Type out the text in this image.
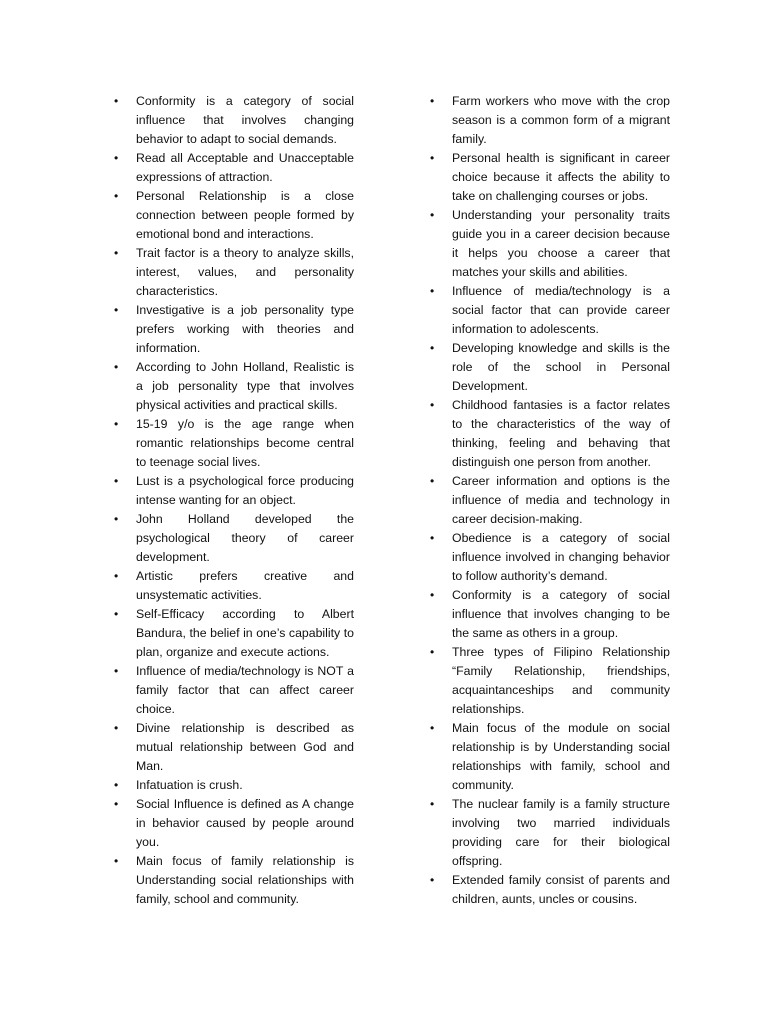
• Conformity is a category of social influence that involves changing behavior to adapt to social demands.
• Read all Acceptable and Unacceptable expressions of attraction.
• Personal Relationship is a close connection between people formed by emotional bond and interactions.
• Trait factor is a theory to analyze skills, interest, values, and personality characteristics.
• Investigative is a job personality type prefers working with theories and information.
• According to John Holland, Realistic is a job personality type that involves physical activities and practical skills.
• 15-19 y/o is the age range when romantic relationships become central to teenage social lives.
• Lust is a psychological force producing intense wanting for an object.
• John Holland developed the psychological theory of career development.
• Artistic prefers creative and unsystematic activities.
• Self-Efficacy according to Albert Bandura, the belief in one’s capability to plan, organize and execute actions.
• Influence of media/technology is NOT a family factor that can affect career choice.
• Divine relationship is described as mutual relationship between God and Man.
• Infatuation is crush.
• Social Influence is defined as A change in behavior caused by people around you.
• Main focus of family relationship is Understanding social relationships with family, school and community.
• Farm workers who move with the crop season is a common form of a migrant family.
• Personal health is significant in career choice because it affects the ability to take on challenging courses or jobs.
• Understanding your personality traits guide you in a career decision because it helps you choose a career that matches your skills and abilities.
• Influence of media/technology is a social factor that can provide career information to adolescents.
• Developing knowledge and skills is the role of the school in Personal Development.
• Childhood fantasies is a factor relates to the characteristics of the way of thinking, feeling and behaving that distinguish one person from another.
• Career information and options is the influence of media and technology in career decision-making.
• Obedience is a category of social influence involved in changing behavior to follow authority’s demand.
• Conformity is a category of social influence that involves changing to be the same as others in a group.
• Three types of Filipino Relationship “Family Relationship, friendships, acquaintanceships and community relationships.
• Main focus of the module on social relationship is by Understanding social relationships with family, school and community.
• The nuclear family is a family structure involving two married individuals providing care for their biological offspring.
• Extended family consist of parents and children, aunts, uncles or cousins.
